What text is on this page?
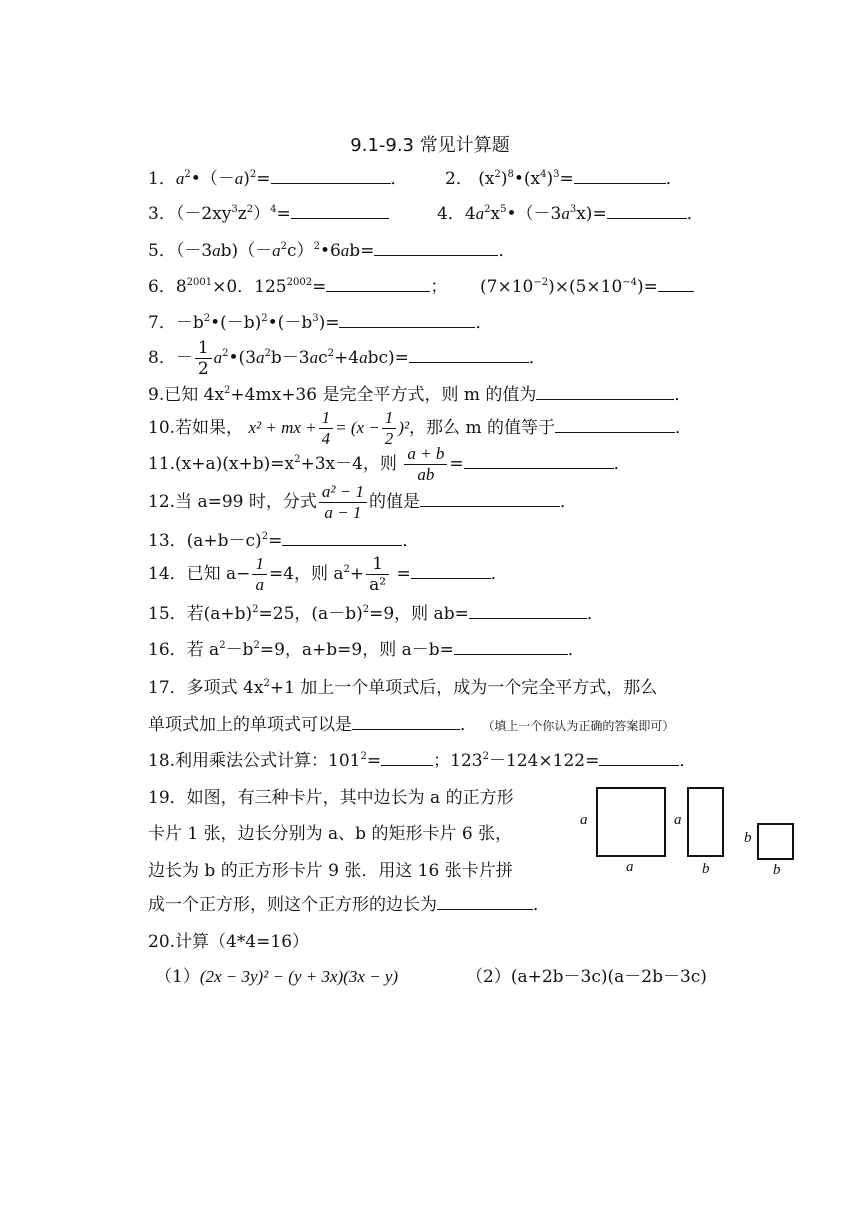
9.1-9.3 常见计算题
1．$a^2•(-a)^2=$	． 2． $(x^2)^8•(x^4)^3=$	．
3．$(-2xy^3z^2)^4=$	4．$4a^2x^5•(-3a^3x)=$	．
5．$(-3ab)(-a^2c)^2•6ab=$	．
6．$8^{2001}\times 0$．$125^{2002}=$	； $(7\times 10^{-2})\times(5\times 10^{-4})=$
7．$-b^2•(-b)^2•(-b^3)=$	．
8．－ $\frac{1}{2}$ $a^2•(3a^2b-3ac^2+4abc)=$	．
9.已知 $4x^2+4mx+36$ 是完全平方式，则 m 的值为	．
10.若如果， x² + mx + $\frac{1}{4} = (x - \frac{1}{2} )^2$，那么 m 的值等于	．
$11.(x+a)(x+b)=x^2+3x-4$，则 $\frac{a + b}{ab}$ =	．
12.当 a=99 时，分式 $\frac{\text{a² − 1}}{a - 1}$ 的值是	．
13．$(a+b-c)^2=$	．
14．已知 $a- \frac{1}{a} =4$，则 $a^2+ \frac{1}{\text{a²}}$ =	．
15．若$(a+b)^2=25$，$(a-b)^2=9$，则 ab=	．
16．若 $a^2-b^2=9$，a+b=9，则 a－b=	．
17．多项式 $4x^2+1$ 加上一个单项式后，成为一个完全平方式，那么
单项式加上的单项式可以是	． （填上一个你认为正确的答案即可）
18.利用乘法公式计算：$101^2=$	；$123^2-124\times 122=$	．
19．如图，有三种卡片，其中边长为 a 的正方形
卡片 1 张，边长分别为 a、b 的矩形卡片 6 张，
边长为 b 的正方形卡片 9 张．用这 16 张卡片拼
成一个正方形，则这个正方形的边长为	．
a
a
a
b
b
b
20.计算（4*4=16）
（1）(2x − 3y)² − (y + 3x)(3x − y)	（2）(a+2b－3c)(a－2b－3c)
